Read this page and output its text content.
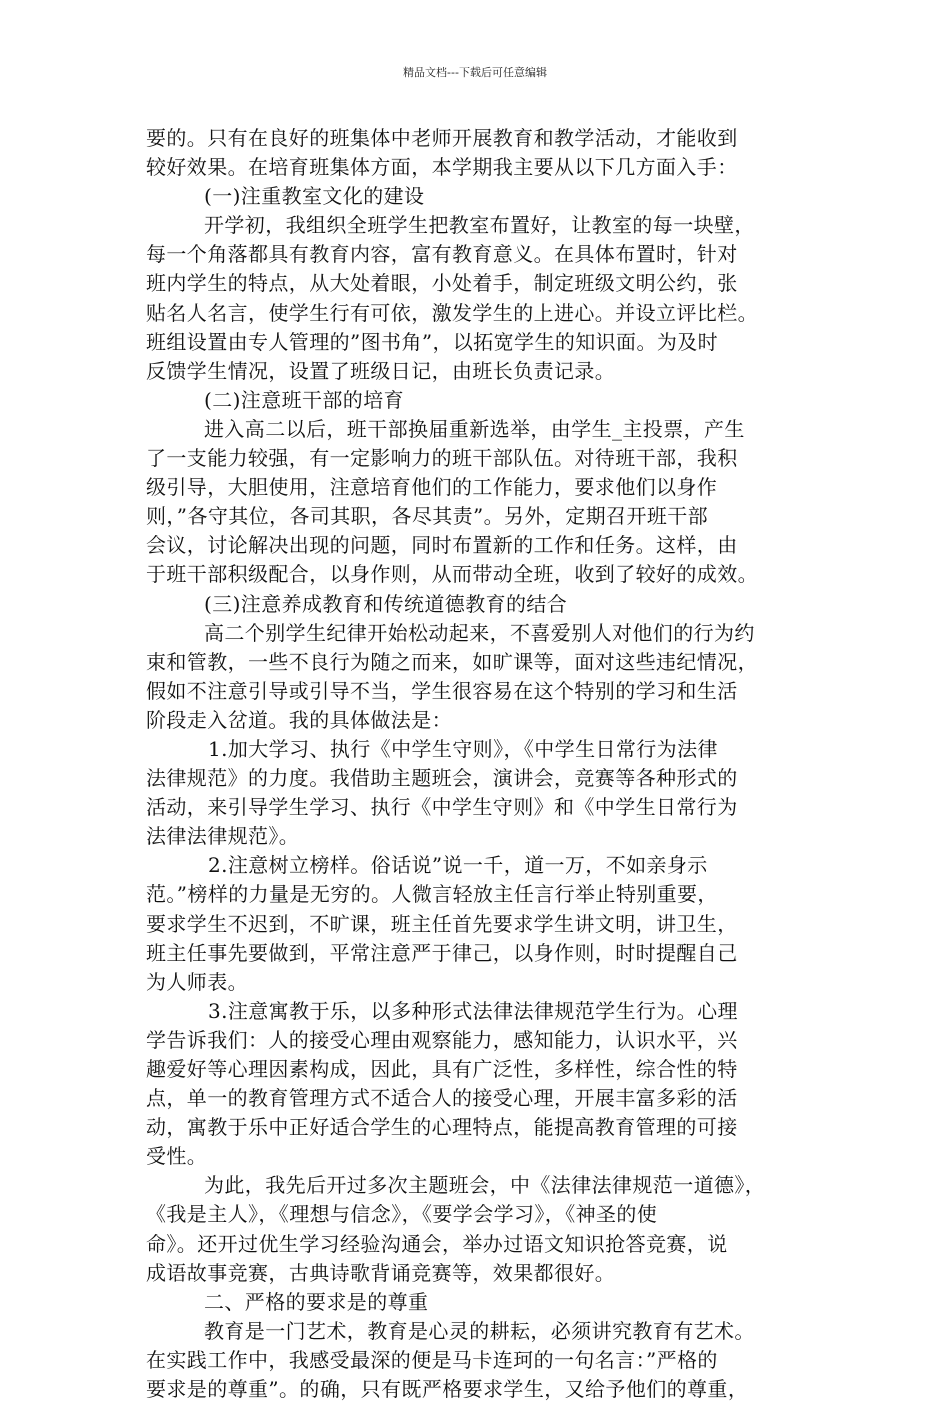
精品文档---下载后可任意编辑
要的。只有在良好的班集体中老师开展教育和教学活动，才能收到
较好效果。在培育班集体方面，本学期我主要从以下几方面入手：
(一)注重教室文化的建设
开学初，我组织全班学生把教室布置好，让教室的每一块壁，
每一个角落都具有教育内容，富有教育意义。在具体布置时，针对
班内学生的特点，从大处着眼，小处着手，制定班级文明公约，张
贴名人名言，使学生行有可依，激发学生的上进心。并设立评比栏。
班组设置由专人管理的”图书角”，以拓宽学生的知识面。为及时
反馈学生情况，设置了班级日记，由班长负责记录。
(二)注意班干部的培育
进入高二以后，班干部换届重新选举，由学生_主投票，产生
了一支能力较强，有一定影响力的班干部队伍。对待班干部，我积
级引导，大胆使用，注意培育他们的工作能力，要求他们以身作
则，”各守其位，各司其职，各尽其责”。另外，定期召开班干部
会议，讨论解决出现的问题，同时布置新的工作和任务。这样，由
于班干部积级配合，以身作则，从而带动全班，收到了较好的成效。
(三)注意养成教育和传统道德教育的结合
高二个别学生纪律开始松动起来，不喜爱别人对他们的行为约
束和管教，一些不良行为随之而来，如旷课等，面对这些违纪情况，
假如不注意引导或引导不当，学生很容易在这个特别的学习和生活
阶段走入岔道。我的具体做法是：
1.加大学习、执行《中学生守则》，《中学生日常行为法律
法律规范》的力度。我借助主题班会，演讲会，竞赛等各种形式的
活动，来引导学生学习、执行《中学生守则》和《中学生日常行为
法律法律规范》。
2.注意树立榜样。俗话说”说一千，道一万，不如亲身示
范。”榜样的力量是无穷的。人微言轻放主任言行举止特别重要，
要求学生不迟到，不旷课，班主任首先要求学生讲文明，讲卫生，
班主任事先要做到，平常注意严于律己，以身作则，时时提醒自己
为人师表。
3.注意寓教于乐，以多种形式法律法律规范学生行为。心理
学告诉我们：人的接受心理由观察能力，感知能力，认识水平，兴
趣爱好等心理因素构成，因此，具有广泛性，多样性，综合性的特
点，单一的教育管理方式不适合人的接受心理，开展丰富多彩的活
动，寓教于乐中正好适合学生的心理特点，能提高教育管理的可接
受性。
为此，我先后开过多次主题班会，中《法律法律规范一道德》，
《我是主人》，《理想与信念》，《要学会学习》，《神圣的使
命》。还开过优生学习经验沟通会，举办过语文知识抢答竞赛，说
成语故事竞赛，古典诗歌背诵竞赛等，效果都很好。
二、严格的要求是的尊重
教育是一门艺术，教育是心灵的耕耘，必须讲究教育有艺术。
在实践工作中，我感受最深的便是马卡连珂的一句名言：”严格的
要求是的尊重”。的确，只有既严格要求学生，又给予他们的尊重，
